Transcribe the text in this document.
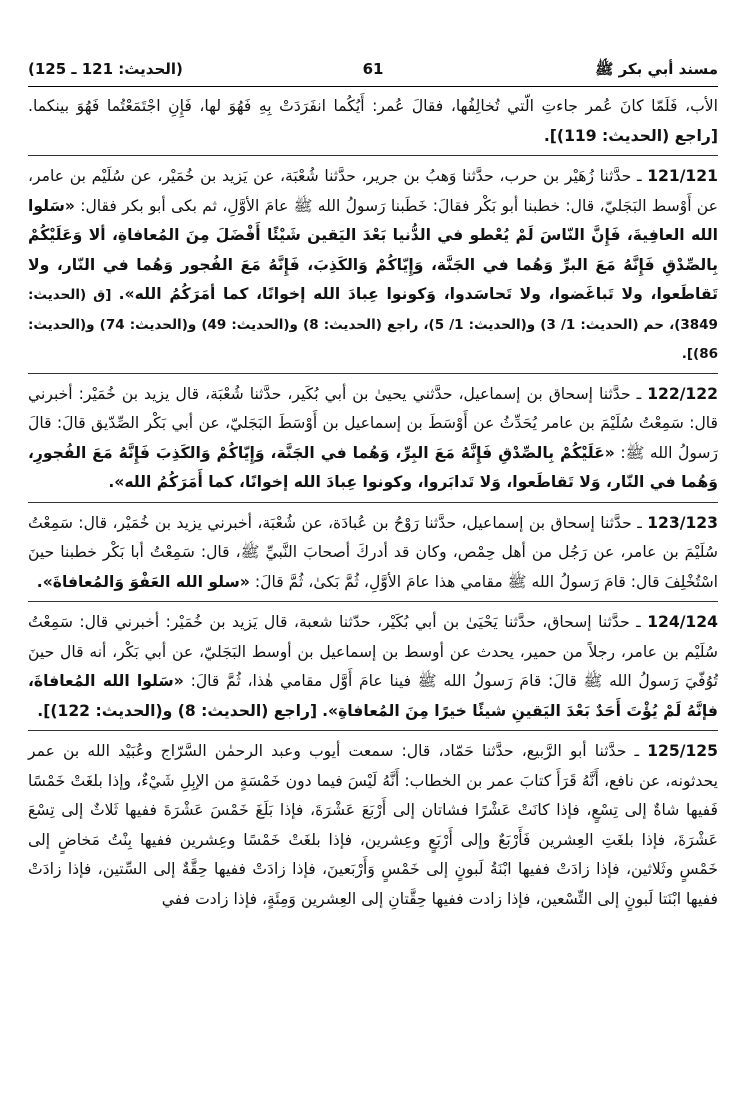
مسند أبي بكر ﷺ
61
(الحديث: 121 ـ 125)

الأب، فَلَمّا كانَ عُمر جاءتِ الّتي تُخالِفُها، فقالَ عُمر: أَيُكُما انفَرَدَتْ بِهِ فَهُوَ لها، فَإِنِ اجْتَمَعْتُما فَهُوَ بينكما. [راجع (الحديث: 119)].

121/121 ـ حدَّثنا زُهَيْر بن حرب، حدَّثنا وَهبُ بن جرير، حدَّثنا شُعْبَة، عن يَزيد بن خُمَيْر، عن سُلَيْم بن عامر، عن أَوْسط البَجَليّ، قال: خطبنا أبو بَكْر فقالَ: خَطَبنا رَسولُ الله ﷺ عامَ الأوَّلِ، ثم بكى أبو بكر فقال: «سَلوا الله العافِيةَ، فَإِنَّ النّاسَ لَمْ يُعْطو في الدُّنيا بَعْدَ اليَقين شَيْئًا أَفْضَلَ مِنَ المُعافاةِ، ألا وَعَلَيْكُمْ بِالصِّدْقِ فَإِنَّهُ مَعَ البرِّ وَهُما في الجَنَّة، وَإِيّاكُمْ وَالكَذِبَ، فَإِنَّهُ مَعَ الفُجور وَهُما في النّار، ولا تَقاطَعوا، ولا تَباغَضوا، ولا تَحاسَدوا، وَكونوا عِبادَ الله إخوانًا، كما أمَرَكُمُ الله». [ق (الحديث: 3849)، حم (الحديث: 1/ 3) و(الحديث: 1/ 5)، راجع (الحديث: 8) و(الحديث: 49) و(الحديث: 74) و(الحديث: 86)].

122/122 ـ حدَّثنا إسحاق بن إسماعيل، حدَّثني يحيىٰ بن أبي بُكَير، حدَّثنا شُعْبَة، قال يزيد بن خُمَيْر: أخبرني قال: سَمِعْتُ سُلَيْمَ بن عامر يُحَدِّثُ عن أَوْسَطَ بن إسماعيل بن أَوْسَطَ البَجَليّ، عن أبي بَكْر الصِّدّيق قالَ: قالَ رَسولُ الله ﷺ: «عَلَيْكُمْ بِالصِّدْقِ فَإِنَّهُ مَعَ البِرِّ، وَهُما في الجَنَّة، وَإِيّاكُمْ وَالكَذِبَ فَإِنَّهُ مَعَ الفُجورِ، وَهُما في النّار، وَلا تَقاطَعوا، وَلا تَدابَروا، وكونوا عِبادَ الله إخوانًا، كما أَمَرَكُمُ الله».

123/123 ـ حدَّثنا إسحاق بن إسماعيل، حدَّثنا رَوْحُ بن عُبادَة، عن شُعْبَة، أخبرني يزيد بن خُمَيْر، قال: سَمِعْتُ سُلَيْمَ بن عامر، عن رَجُل من أهل حِمْص، وكان قد أدركَ أصحابَ النَّبيِّ ﷺ، قال: سَمِعْتُ أبا بَكْر خطبنا حينَ اسْتُخْلِفَ قال: قامَ رَسولُ الله ﷺ مقامي هذا عامَ الأوَّلِ، ثُمَّ بَكىٰ، ثُمَّ قالَ: «سلو الله العَفْوَ وَالمُعافاةَ».

124/124 ـ حدَّثنا إسحاق، حدَّثنا يَحْيَىٰ بن أبي بُكَيْر، حدّثنا شعبة، قال يَزيد بن خُمَيْر: أخبرني قال: سَمِعْتُ سُلَيْم بن عامر، رجلاً من حمير، يحدث عن أوسط بن إسماعيل بن أوسط البَجَليّ، عن أبي بَكْر، أنه قال حينَ تُوُفّيَ رَسولُ الله ﷺ قالَ: قامَ رَسولُ الله ﷺ فينا عامَ أَوَّل مقامي هٰذا، ثُمَّ قالَ: «سَلوا الله المُعافاةَ، فإنَّهُ لَمْ يُؤْتَ أَحَدٌ بَعْدَ اليَقينِ شيئًا خيرًا مِنَ المُعافاةِ». [راجع (الحديث: 8) و(الحديث: 122)].

125/125 ـ حدَّثنا أبو الرَّبيع، حدَّثنا حَمّاد، قال: سمعت أيوب وعبد الرحمٰن السَّرّاج وعُبَيْد الله بن عمر يحدثونه، عن نافع، أَنَّهُ قَرَأَ كتابَ عمر بن الخطاب: أَنَّهُ لَيْسَ فيما دون خَمْسَةٍ من الإبِلِ شَيْءٌ، وإذا بلغَتْ خَمْسًا فَفيها شاةٌ إلى تِسْعٍ، فإذا كانَتْ عَشْرًا فشاتان إلى أَرْبَعَ عَشْرَةَ، فإذا بَلَغَ خَمْسَ عَشْرَةَ ففيها ثَلاثٌ إلى تِسْعَ عَشْرَةَ، فإذا بلغَتِ العِشرين فَأَرْبَعٌ وإلى أَرْبَعٍ وعِشرين، فإذا بلغَتْ خَمْسًا وعِشرين ففيها بِنْتُ مَخاضٍ إلى خَمْسٍ وثَلاثين، فإذا زادَتْ ففيها ابْنَةُ لَبونٍ إلى خَمْسٍ وَأَرْبَعينَ، فإذا زادَتْ ففيها حِقَّةٌ إلى السِّتين، فإذا زادَتْ ففيها ابْنَتا لَبونٍ إلى التِّسْعين، فإذا زادت ففيها حِقَّتانِ إلى العِشرين وَمِئَةٍ، فإذا زادت ففي
